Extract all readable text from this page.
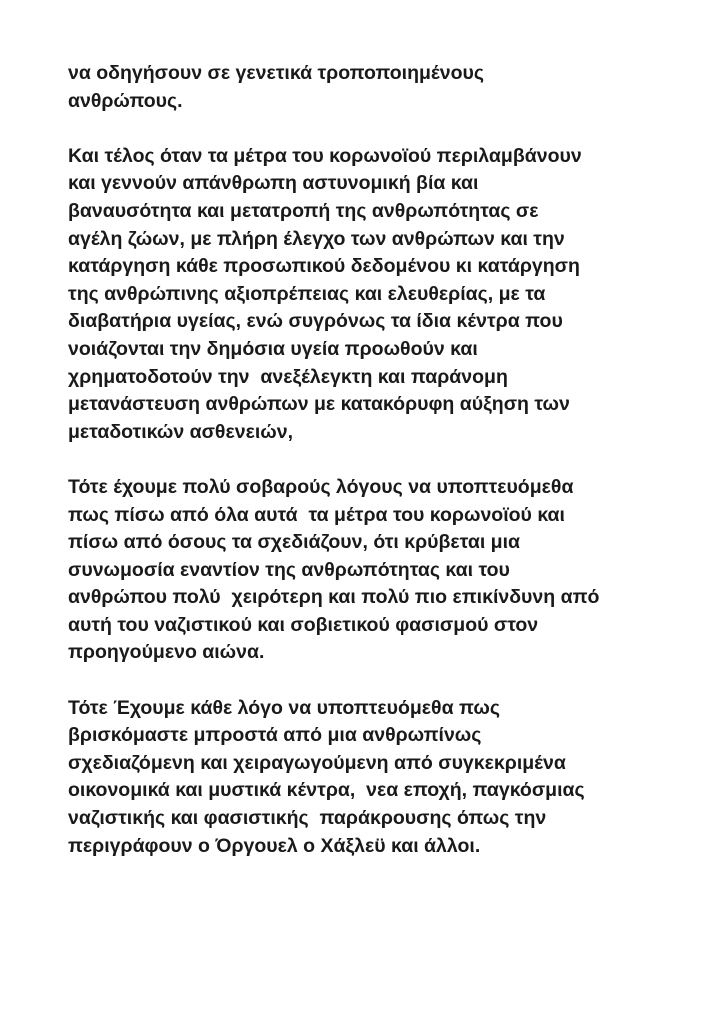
να οδηγήσουν σε γενετικά τροποποιημένους
ανθρώπους.
Και τέλος όταν τα μέτρα του κορωνοϊού περιλαμβάνουν
και γεννούν απάνθρωπη αστυνομική βία και
βαναυσότητα και μετατροπή της ανθρωπότητας σε
αγέλη ζώων, με πλήρη έλεγχο των ανθρώπων και την
κατάργηση κάθε προσωπικού δεδομένου κι κατάργηση
της ανθρώπινης αξιοπρέπειας και ελευθερίας, με τα
διαβατήρια υγείας, ενώ συγρόνως τα ίδια κέντρα που
νοιάζονται την δημόσια υγεία προωθούν και
χρηματοδοτούν την  ανεξέλεγκτη και παράνομη
μετανάστευση ανθρώπων με κατακόρυφη αύξηση των
μεταδοτικών ασθενειών,
Τότε έχουμε πολύ σοβαρούς λόγους να υποπτευόμεθα
πως πίσω από όλα αυτά  τα μέτρα του κορωνοϊού και
πίσω από όσους τα σχεδιάζουν, ότι κρύβεται μια
συνωμοσία εναντίον της ανθρωπότητας και του
ανθρώπου πολύ  χειρότερη και πολύ πιο επικίνδυνη από
αυτή του ναζιστικού και σοβιετικού φασισμού στον
προηγούμενο αιώνα.
Τότε Έχουμε κάθε λόγο να υποπτευόμεθα πως
βρισκόμαστε μπροστά από μια ανθρωπίνως
σχεδιαζόμενη και χειραγωγούμενη από συγκεκριμένα
οικονομικά και μυστικά κέντρα,  νεα εποχή, παγκόσμιας
ναζιστικής και φασιστικής  παράκρουσης όπως την
περιγράφουν ο Όργουελ ο Χάξλεϋ και άλλοι.
